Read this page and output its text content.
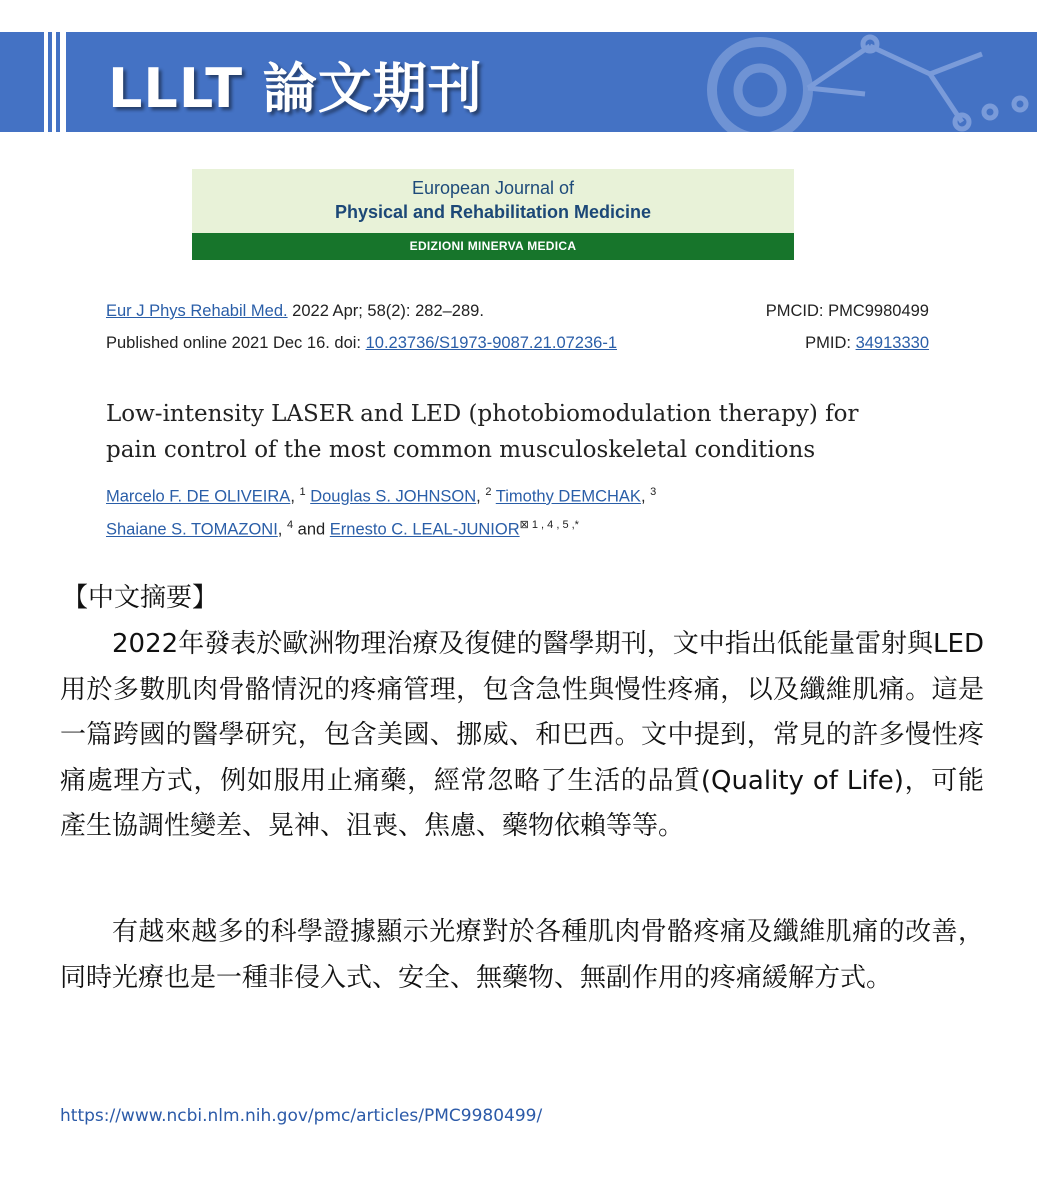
LLLT 論文期刊
European Journal of
Physical and Rehabilitation Medicine
EDIZIONI MINERVA MEDICA
Eur J Phys Rehabil Med. 2022 Apr; 58(2): 282–289.	PMCID: PMC9980499
Published online 2021 Dec 16. doi: 10.23736/S1973-9087.21.07236-1	PMID: 34913330
Low-intensity LASER and LED (photobiomodulation therapy) for
pain control of the most common musculoskeletal conditions
Marcelo F. DE OLIVEIRA, $^1$ Douglas S. JOHNSON, $^2$ Timothy DEMCHAK, $^3$
Shaiane S. TOMAZONI, $^4$ and Ernesto C. LEAL-$JUNIOR^{⊠ 1 , 4 , 5 ,*}$
【中文摘要】
2022年發表於歐洲物理治療及復健的醫學期刊，文中指出低能量雷射與LED用於多數肌肉骨骼情況的疼痛管理，包含急性與慢性疼痛，以及纖維肌痛。這是一篇跨國的醫學研究，包含美國、挪威、和巴西。文中提到，常見的許多慢性疼痛處理方式，例如服用止痛藥，經常忽略了生活的品質(Quality of Life)，可能產生協調性變差、晃神、沮喪、焦慮、藥物依賴等等。
有越來越多的科學證據顯示光療對於各種肌肉骨骼疼痛及纖維肌痛的改善，同時光療也是一種非侵入式、安全、無藥物、無副作用的疼痛緩解方式。
https://www.ncbi.nlm.nih.gov/pmc/articles/PMC9980499/
